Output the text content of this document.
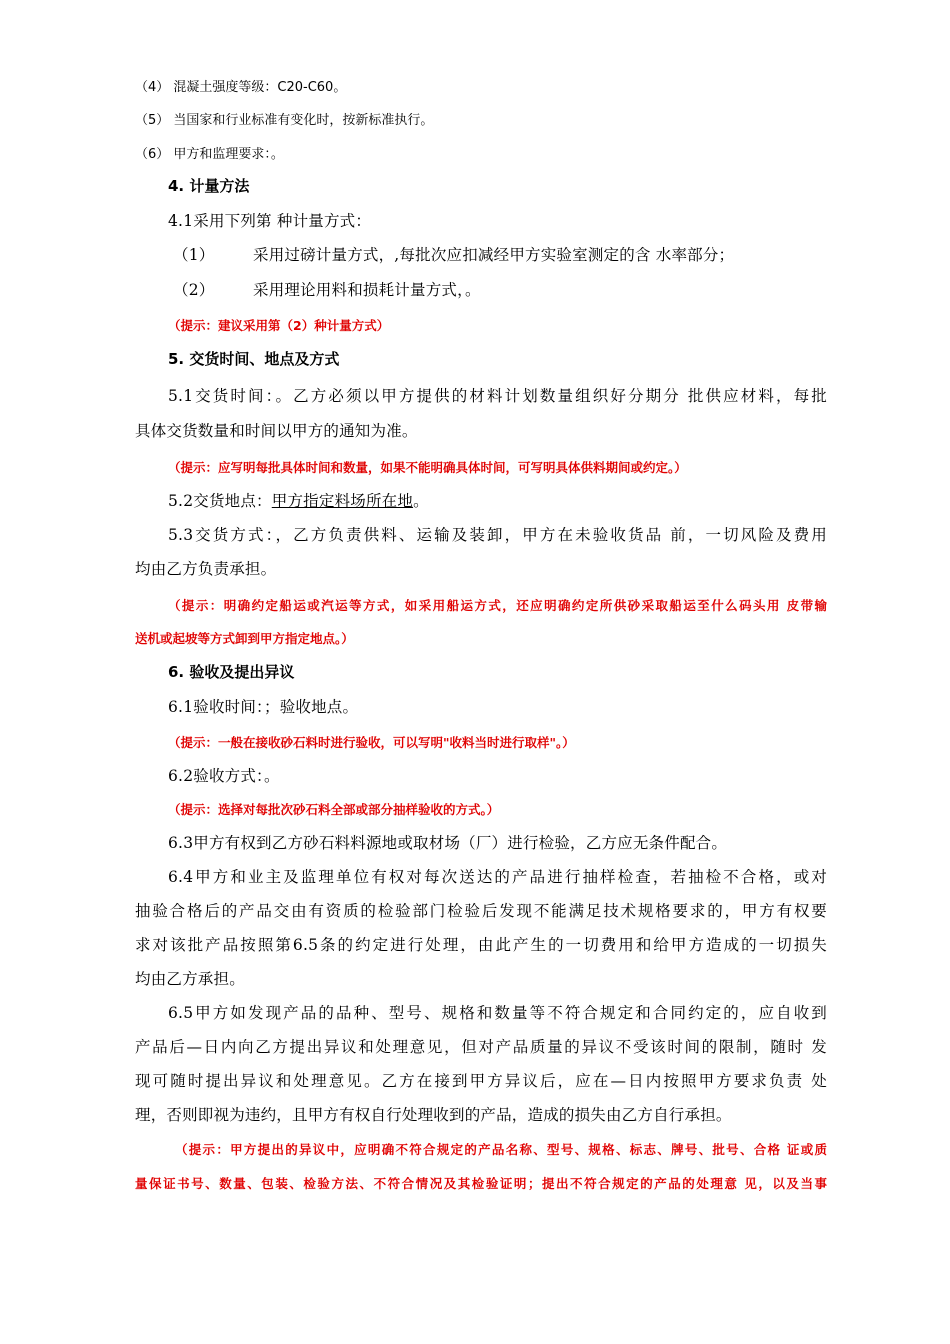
（4） 混凝土强度等级：C20-C60。
（5） 当国家和行业标准有变化时，按新标准执行。
（6） 甲方和监理要求：。
4. 计量方法
4.1采用下列第 种计量方式：
（1） 采用过磅计量方式，,每批次应扣减经甲方实验室测定的含 水率部分；
（2） 采用理论用料和损耗计量方式，。
（提示：建议采用第（2）种计量方式）
5. 交货时间、地点及方式
5.1交货时间：。乙方必须以甲方提供的材料计划数量组织好分期分 批供应材料，每批
具体交货数量和时间以甲方的通知为准。
（提示：应写明每批具体时间和数量，如果不能明确具体时间，可写明具体供料期间或约定。）
5.2交货地点：甲方指定料场所在地。
5.3交货方式：，乙方负责供料、运输及装卸，甲方在未验收货品 前，一切风险及费用
均由乙方负责承担。
（提示：明确约定船运或汽运等方式，如采用船运方式，还应明确约定所供砂采取船运至什么码头用 皮带输
送机或起坡等方式卸到甲方指定地点。）
6. 验收及提出异议
6.1验收时间：；验收地点。
（提示：一般在接收砂石料时进行验收，可以写明"收料当时进行取样"。）
6.2验收方式：。
（提示：选择对每批次砂石料全部或部分抽样验收的方式。）
6.3甲方有权到乙方砂石料料源地或取材场（厂）进行检验，乙方应无条件配合。
6.4甲方和业主及监理单位有权对每次送达的产品进行抽样检查，若抽检不合格，或对
抽验合格后的产品交由有资质的检验部门检验后发现不能满足技术规格要求的，甲方有权要
求对该批产品按照第6.5条的约定进行处理，由此产生的一切费用和给甲方造成的一切损失
均由乙方承担。
6.5甲方如发现产品的品种、型号、规格和数量等不符合规定和合同约定的，应自收到
产品后—日内向乙方提出异议和处理意见，但对产品质量的异议不受该时间的限制，随时 发
现可随时提出异议和处理意见。乙方在接到甲方异议后，应在—日内按照甲方要求负责 处
理，否则即视为违约，且甲方有权自行处理收到的产品，造成的损失由乙方自行承担。
（提示：甲方提出的异议中，应明确不符合规定的产品名称、型号、规格、标志、牌号、批号、合格 证或质
量保证书号、数量、包装、检验方法、不符合情况及其检验证明；提出不符合规定的产品的处理意 见，以及当事
